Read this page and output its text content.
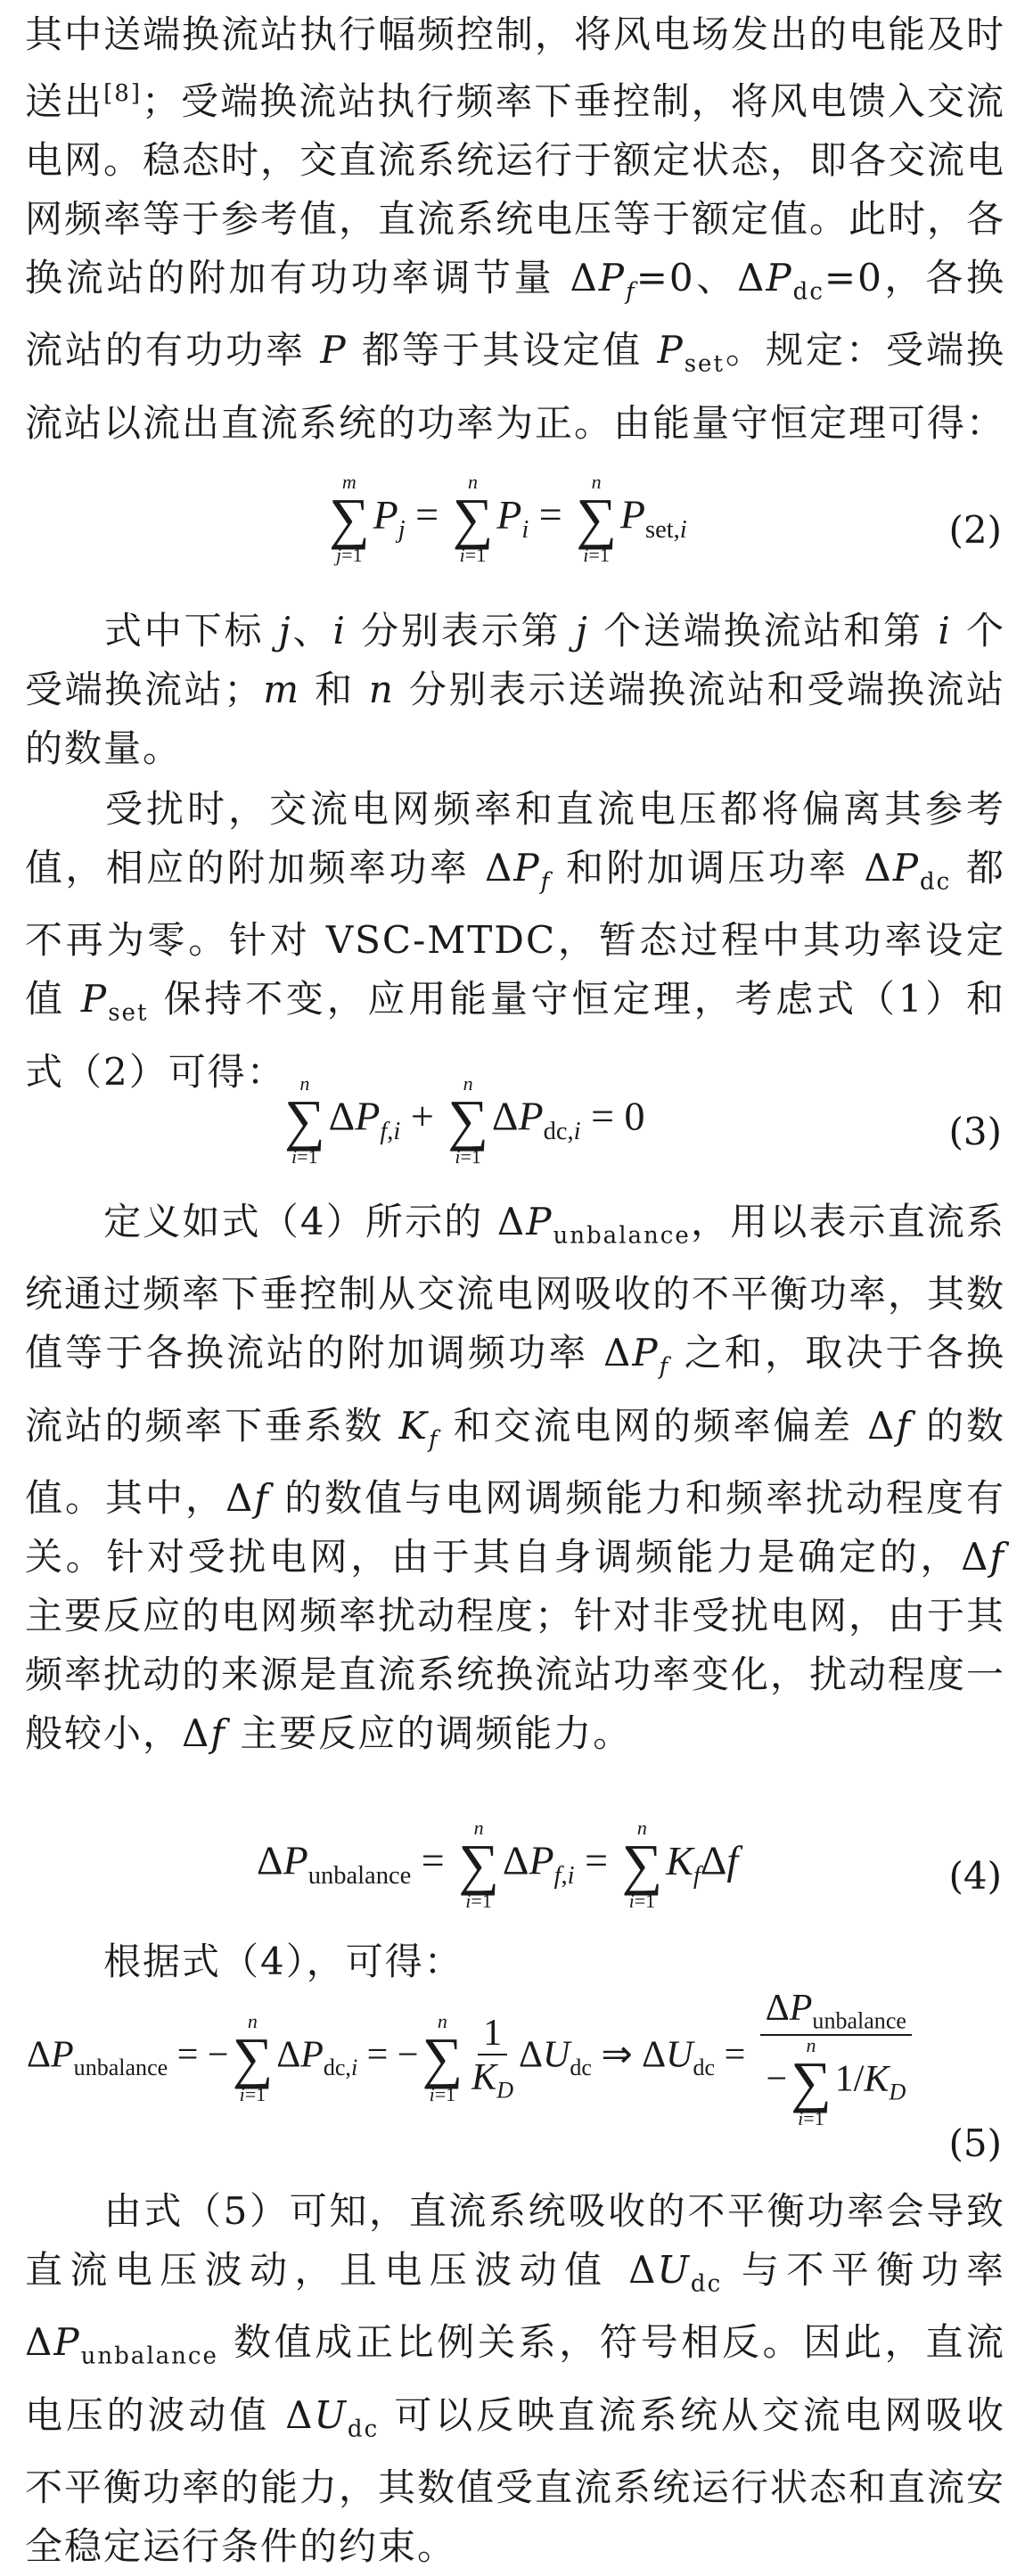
其中送端换流站执行幅频控制，将风电场发出的电能及时送出[8]；受端换流站执行频率下垂控制，将风电馈入交流电网。稳态时，交直流系统运行于额定状态，即各交流电网频率等于参考值，直流系统电压等于额定值。此时，各换流站的附加有功功率调节量 $\Delta P_f=0$、$\Delta P_{dc}=0$，各换流站的有功功率 P 都等于其设定值 $P_{set}$。规定：受端换流站以流出直流系统的功率为正。由能量守恒定理可得：
m
∑
j=1
$P_j$ =
n
∑
i=1
$P_i$ =
n
∑
i=1
$P_{set,i}$	(2)
  式中下标 j、i 分别表示第 j 个送端换流站和第 i 个受端换流站；m 和 n 分别表示送端换流站和受端换流站的数量。
  受扰时，交流电网频率和直流电压都将偏离其参考值，相应的附加频率功率 $\Delta P_f$ 和附加调压功率 $\Delta P_{dc}$ 都不再为零。针对 VSC-MTDC，暂态过程中其功率设定值 $P_{set}$ 保持不变，应用能量守恒定理，考虑式（1）和式（2）可得： n
∑
i=1
$\Delta P_{f,i}$ +
n
∑
i=1
$\Delta P_{dc,i} = 0$	(3)
  定义如式（4）所示的 $\Delta P_{unbalance}$，用以表示直流系统通过频率下垂控制从交流电网吸收的不平衡功率，其数值等于各换流站的附加调频功率 $\Delta P_f$ 之和，取决于各换流站的频率下垂系数 $K_f$ 和交流电网的频率偏差 Δf 的数值。其中，Δf 的数值与电网调频能力和频率扰动程度有关。针对受扰电网，由于其自身调频能力是确定的，Δf 主要反应的电网频率扰动程度；针对非受扰电网，由于其频率扰动的来源是直流系统换流站功率变化，扰动程度一般较小，Δf 主要反应的调频能力。
$\Delta P_{unbalance}$ =
n
∑
i=1
$\Delta P_{f,i}$ =
n
∑
i=1
$K_f\Delta f$	(4)
  根据式（4），可得：
$\Delta P_{unbalance}$ = −
n
∑
i=1
$\Delta P_{dc,i}$ = −
n
∑
$i=1 \frac{1}{K_D} \Delta U_{dc}$ ⇒ $\Delta U_{dc} = \Delta P_{unbalance}$
−
n
∑
i=1
$1/K_D$
(5)
  由式（5）可知，直流系统吸收的不平衡功率会导致直流电压波动，且电压波动值 $\Delta U_{dc}$ 与不平衡功率 $\Delta P_{unbalance}$ 数值成正比例关系，符号相反。因此，直流电压的波动值 $\Delta U_{dc}$ 可以反映直流系统从交流电网吸收不平衡功率的能力，其数值受直流系统运行状态和直流安全稳定运行条件的约束。
